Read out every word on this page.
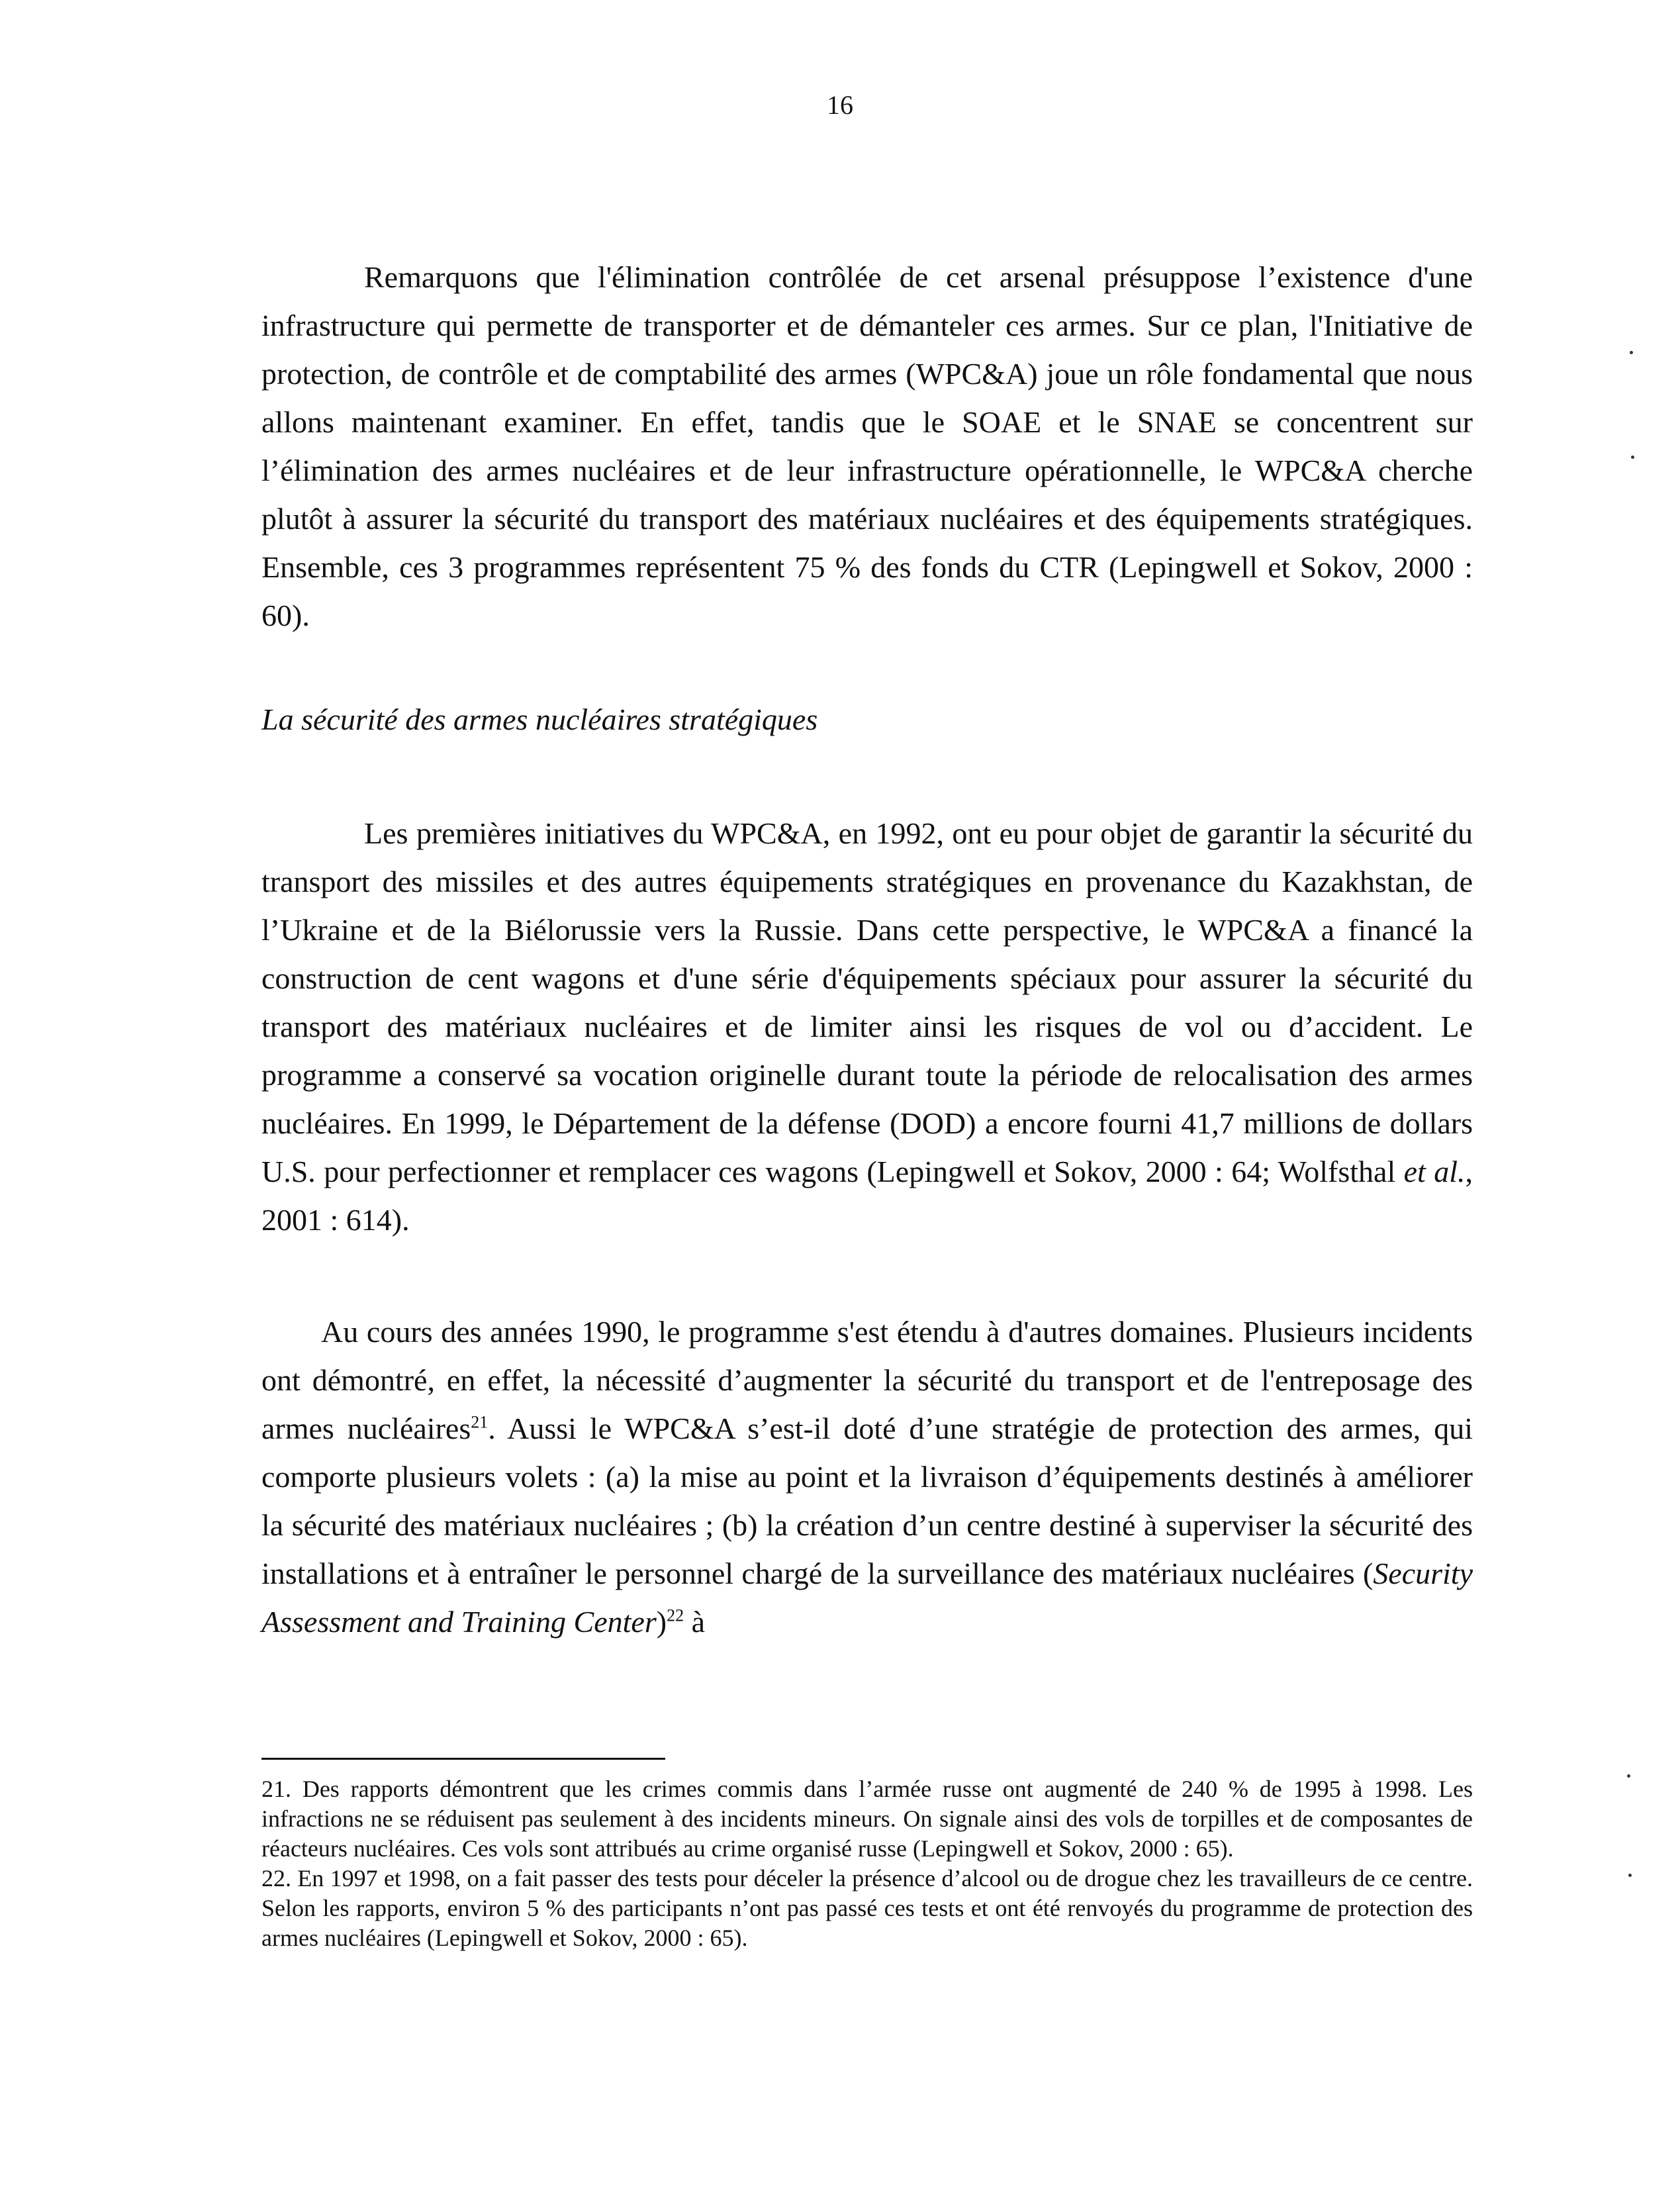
16

Remarquons que l'élimination contrôlée de cet arsenal présuppose l’existence d'une infrastructure qui permette de transporter et de démanteler ces armes. Sur ce plan, l'Initiative de protection, de contrôle et de comptabilité des armes (WPC&A) joue un rôle fondamental que nous allons maintenant examiner. En effet, tandis que le SOAE et le SNAE se concentrent sur l’élimination des armes nucléaires et de leur infrastructure opérationnelle, le WPC&A cherche plutôt à assurer la sécurité du transport des matériaux nucléaires et des équipements stratégiques. Ensemble, ces 3 programmes représentent 75 % des fonds du CTR (Lepingwell et Sokov, 2000 : 60).

La sécurité des armes nucléaires stratégiques

Les premières initiatives du WPC&A, en 1992, ont eu pour objet de garantir la sécurité du transport des missiles et des autres équipements stratégiques en provenance du Kazakhstan, de l’Ukraine et de la Biélorussie vers la Russie. Dans cette perspective, le WPC&A a financé la construction de cent wagons et d'une série d'équipements spéciaux pour assurer la sécurité du transport des matériaux nucléaires et de limiter ainsi les risques de vol ou d’accident. Le programme a conservé sa vocation originelle durant toute la période de relocalisation des armes nucléaires. En 1999, le Département de la défense (DOD) a encore fourni 41,7 millions de dollars U.S. pour perfectionner et remplacer ces wagons (Lepingwell et Sokov, 2000 : 64; Wolfsthal et al., 2001 : 614).

Au cours des années 1990, le programme s'est étendu à d'autres domaines. Plusieurs incidents ont démontré, en effet, la nécessité d’augmenter la sécurité du transport et de l'entreposage des armes nucléaires$^{21}$. Aussi le WPC&A s’est-il doté d’une stratégie de protection des armes, qui comporte plusieurs volets : (a) la mise au point et la livraison d’équipements destinés à améliorer la sécurité des matériaux nucléaires ; (b) la création d’un centre destiné à superviser la sécurité des installations et à entraîner le personnel chargé de la surveillance des matériaux nucléaires (Security Assessment and Training Center)$^{22}$ à

21. Des rapports démontrent que les crimes commis dans l’armée russe ont augmenté de 240 % de 1995 à 1998. Les infractions ne se réduisent pas seulement à des incidents mineurs. On signale ainsi des vols de torpilles et de composantes de réacteurs nucléaires. Ces vols sont attribués au crime organisé russe (Lepingwell et Sokov, 2000 : 65).

22. En 1997 et 1998, on a fait passer des tests pour déceler la présence d’alcool ou de drogue chez les travailleurs de ce centre. Selon les rapports, environ 5 % des participants n’ont pas passé ces tests et ont été renvoyés du programme de protection des armes nucléaires (Lepingwell et Sokov, 2000 : 65).
